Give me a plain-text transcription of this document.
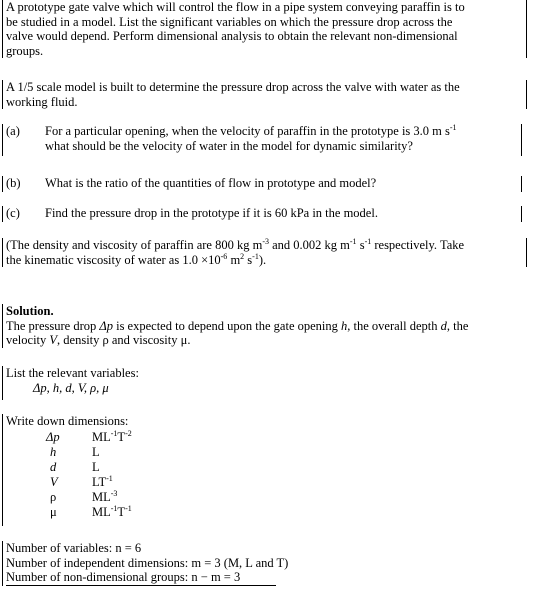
A prototype gate valve which will control the flow in a pipe system conveying paraffin is to
be studied in a model. List the significant variables on which the pressure drop across the
valve would depend. Perform dimensional analysis to obtain the relevant non-dimensional
groups.
A 1/5 scale model is built to determine the pressure drop across the valve with water as the
working fluid.
(a) For a particular opening, when the velocity of paraffin in the prototype is 3.0 m $s^{-1}$
what should be the velocity of water in the model for dynamic similarity?
(b) What is the ratio of the quantities of flow in prototype and model?
(c) Find the pressure drop in the prototype if it is 60 kPa in the model.
(The density and viscosity of paraffin are 800 kg $m^{-3}$ and 0.002 kg $m^{-1}$ $s^{-1}$ respectively. Take
the kinematic viscosity of water as $1.0 \times 10^{-6}$ $m^2$ $s^{-1}$).
Solution.
The pressure drop Δp is expected to depend upon the gate opening h, the overall depth d, the
velocity V, density ρ and viscosity μ.
List the relevant variables:
Δp, h, d, V, ρ, μ
Write down dimensions:
Δp	$ML^{-1}T^{-2}$
h	L
d	L
V	$LT^{-1}$
ρ	$ML^{-3}$
μ	$ML^{-1}T^{-1}$
Number of variables: n = 6
Number of independent dimensions: m = 3 (M, L and T)
Number of non-dimensional groups: n − m = 3
